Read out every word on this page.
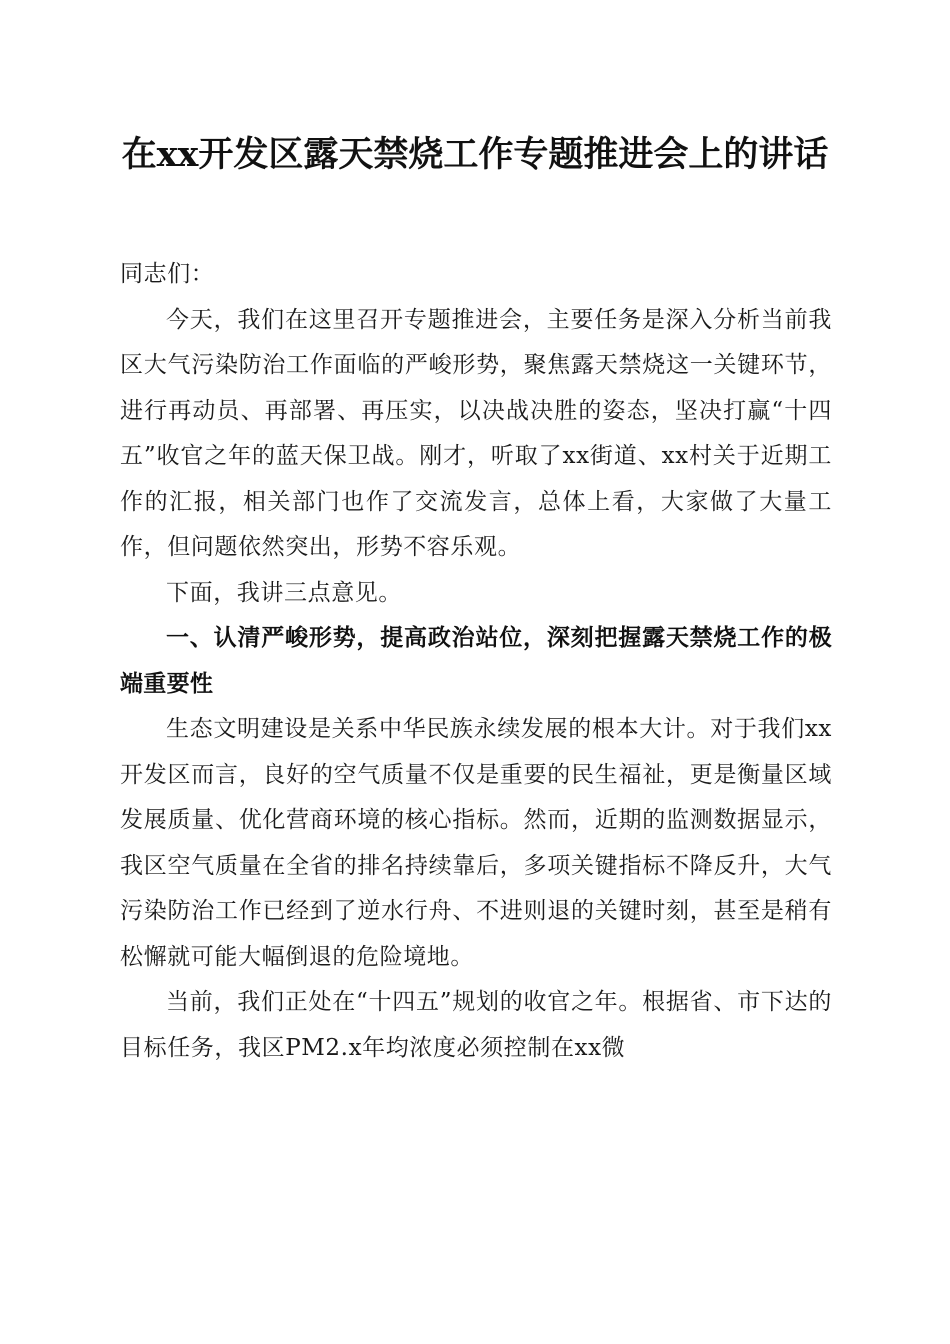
在xx开发区露天禁烧工作专题推进会上的讲话

同志们：

今天，我们在这里召开专题推进会，主要任务是深入分析当前我区大气污染防治工作面临的严峻形势，聚焦露天禁烧这一关键环节，进行再动员、再部署、再压实，以决战决胜的姿态，坚决打赢“十四五”收官之年的蓝天保卫战。刚才，听取了xx街道、xx村关于近期工作的汇报，相关部门也作了交流发言，总体上看，大家做了大量工作，但问题依然突出，形势不容乐观。

下面，我讲三点意见。

一、认清严峻形势，提高政治站位，深刻把握露天禁烧工作的极端重要性

生态文明建设是关系中华民族永续发展的根本大计。对于我们xx开发区而言，良好的空气质量不仅是重要的民生福祉，更是衡量区域发展质量、优化营商环境的核心指标。然而，近期的监测数据显示，我区空气质量在全省的排名持续靠后，多项关键指标不降反升，大气污染防治工作已经到了逆水行舟、不进则退的关键时刻，甚至是稍有松懈就可能大幅倒退的危险境地。

当前，我们正处在“十四五”规划的收官之年。根据省、市下达的目标任务，我区PM2.x年均浓度必须控制在xx微
